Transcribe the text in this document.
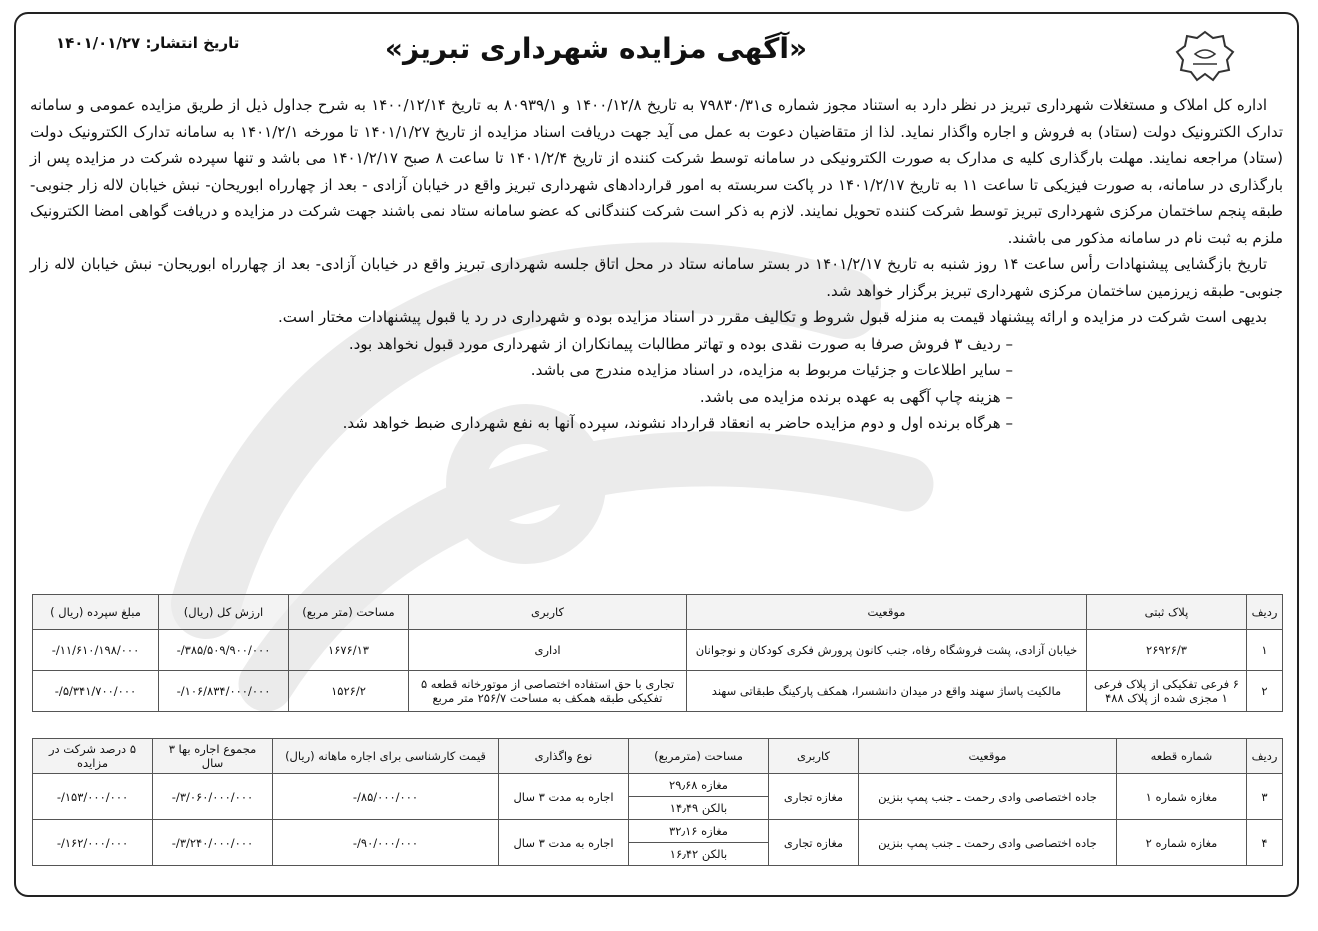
«آگهی مزایده شهرداری تبریز»
تاریخ انتشار: ۱۴۰۱/۰۱/۲۷

اداره کل املاک و مستغلات شهرداری تبریز در نظر دارد به استناد مجوز شماره ی۷۹۸۳۰/۳۱ به تاریخ ۱۴۰۰/۱۲/۸ و ۸۰۹۳۹/۱ به تاریخ ۱۴۰۰/۱۲/۱۴ به شرح جداول ذیل از طریق مزایده عمومی و سامانه تدارک الکترونیک دولت (ستاد) به فروش و اجاره واگذار نماید. لذا از متقاضیان دعوت به عمل می آید جهت دریافت اسناد مزایده از تاریخ ۱۴۰۱/۱/۲۷ تا مورخه ۱۴۰۱/۲/۱ به سامانه تدارک الکترونیک دولت (ستاد) مراجعه نمایند. مهلت بارگذاری کلیه ی مدارک به صورت الکترونیکی در سامانه توسط شرکت کننده از تاریخ ۱۴۰۱/۲/۴ تا ساعت ۸ صبح ۱۴۰۱/۲/۱۷ می باشد و تنها سپرده شرکت در مزایده پس از بارگذاری در سامانه، به صورت فیزیکی تا ساعت ۱۱ به تاریخ ۱۴۰۱/۲/۱۷ در پاکت سربسته به امور قراردادهای شهرداری تبریز واقع در خیابان آزادی - بعد از چهارراه ابوریحان- نبش خیابان لاله زار جنوبی- طبقه پنجم ساختمان مرکزی شهرداری تبریز توسط شرکت کننده تحویل نمایند. لازم به ذکر است شرکت کنندگانی که عضو سامانه ستاد نمی باشند جهت شرکت در مزایده و دریافت گواهی امضا الکترونیک ملزم به ثبت نام در سامانه مذکور می باشند.

تاریخ بازگشایی پیشنهادات رأس ساعت ۱۴ روز شنبه به تاریخ ۱۴۰۱/۲/۱۷ در بستر سامانه ستاد در محل اتاق جلسه شهرداری تبریز واقع در خیابان آزادی- بعد از چهارراه ابوریحان- نبش خیابان لاله زار جنوبی- طبقه زیرزمین ساختمان مرکزی شهرداری تبریز برگزار خواهد شد.

بدیهی است شرکت در مزایده و ارائه پیشنهاد قیمت به منزله قبول شروط و تکالیف مقرر در اسناد مزایده بوده و شهرداری در رد یا قبول پیشنهادات مختار است.

– ردیف ۳ فروش صرفا به صورت نقدی بوده و تهاتر مطالبات پیمانکاران از شهرداری مورد قبول نخواهد بود.
– سایر اطلاعات و جزئیات مربوط به مزایده، در اسناد مزایده مندرج می باشد.
– هزینه چاپ آگهی به عهده برنده مزایده می باشد.
– هرگاه برنده اول و دوم مزایده حاضر به انعقاد قرارداد نشوند، سپرده آنها به نفع شهرداری ضبط خواهد شد.
ردیف	پلاک ثبتی	موقعیت	کاربری	مساحت (متر مربع)	ارزش کل (ریال)	مبلغ سپرده (ریال )
۱	۲۶۹۲۶/۳	خیابان آزادی، پشت فروشگاه رفاه، جنب کانون پرورش فکری کودکان و نوجوانان	اداری	۱۶۷۶/۱۳	۳۸۵/۵۰۹/۹۰۰/۰۰۰/-	۱۱/۶۱۰/۱۹۸/۰۰۰/-
۲	۶ فرعی تفکیکی از پلاک فرعی ۱ مجزی شده از پلاک ۴۸۸	مالکیت پاساژ سهند واقع در میدان دانشسرا، همکف پارکینگ طبقاتی سهند	تجاری با حق استفاده اختصاصی از موتورخانه قطعه ۵ تفکیکی طبقه همکف به مساحت ۲۵۶/۷ متر مربع	۱۵۲۶/۲	۱۰۶/۸۳۴/۰۰۰/۰۰۰/-	۵/۳۴۱/۷۰۰/۰۰۰/-
ردیف	شماره قطعه	موقعیت	کاربری	مساحت (مترمربع)	نوع واگذاری	قیمت کارشناسی برای اجاره ماهانه (ریال)	مجموع اجاره بها ۳ سال	۵ درصد شرکت در مزایده
۳	مغازه شماره ۱	جاده اختصاصی وادی رحمت ـ جنب پمپ بنزین	مغازه تجاری	مغازه ۲۹٫۶۸	اجاره به مدت ۳ سال	۸۵/۰۰۰/۰۰۰/-	۳/۰۶۰/۰۰۰/۰۰۰/-	۱۵۳/۰۰۰/۰۰۰/-
				بالکن ۱۴٫۴۹				
۴	مغازه شماره ۲	جاده اختصاصی وادی رحمت ـ جنب پمپ بنزین	مغازه تجاری	مغازه ۳۲٫۱۶	اجاره به مدت ۳ سال	۹۰/۰۰۰/۰۰۰/-	۳/۲۴۰/۰۰۰/۰۰۰/-	۱۶۲/۰۰۰/۰۰۰/-
				بالکن ۱۶٫۴۲				
